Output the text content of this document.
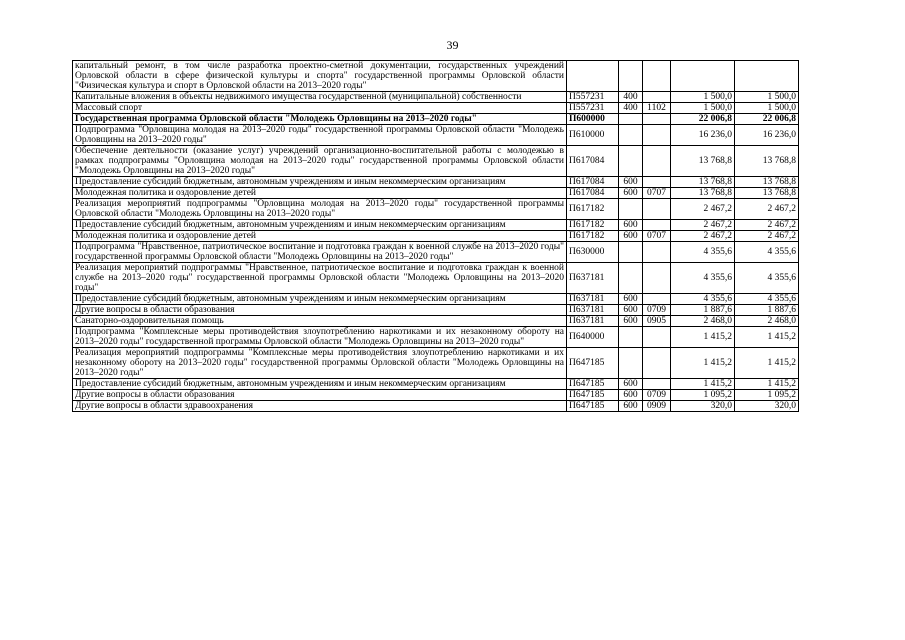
39
капитальный ремонт, в том числе разработка проектно-сметной документации, государственных учреждений Орловской области в сфере физической культуры и спорта" государственной программы Орловской области "Физическая культура и спорт в Орловской области на 2013–2020 годы"					
Капитальные вложения в объекты недвижимого имущества государственной (муниципальной) собственности	П557231	400		1 500,0	1 500,0
Массовый спорт	П557231	400	1102	1 500,0	1 500,0
Государственная программа Орловской области "Молодежь Орловщины на 2013–2020 годы"	П600000			22 006,8	22 006,8
Подпрограмма "Орловщина молодая на 2013–2020 годы" государственной программы Орловской области "Молодежь Орловщины на 2013–2020 годы"	П610000			16 236,0	16 236,0
Обеспечение деятельности (оказание услуг) учреждений организационно-воспитательной работы с молодежью в рамках подпрограммы "Орловщина молодая на 2013–2020 годы" государственной программы Орловской области "Молодежь Орловщины на 2013–2020 годы"	П617084			13 768,8	13 768,8
Предоставление субсидий бюджетным, автономным учреждениям и иным некоммерческим организациям	П617084	600		13 768,8	13 768,8
Молодежная политика и оздоровление детей	П617084	600	0707	13 768,8	13 768,8
Реализация мероприятий подпрограммы "Орловщина молодая на 2013–2020 годы" государственной программы Орловской области "Молодежь Орловщины на 2013–2020 годы"	П617182			2 467,2	2 467,2
Предоставление субсидий бюджетным, автономным учреждениям и иным некоммерческим организациям	П617182	600		2 467,2	2 467,2
Молодежная политика и оздоровление детей	П617182	600	0707	2 467,2	2 467,2
Подпрограмма "Нравственное, патриотическое воспитание и подготовка граждан к военной службе на 2013–2020 годы" государственной программы Орловской области "Молодежь Орловщины на 2013–2020 годы"	П630000			4 355,6	4 355,6
Реализация мероприятий подпрограммы "Нравственное, патриотическое воспитание и подготовка граждан к военной службе на 2013–2020 годы" государственной программы Орловской области "Молодежь Орловщины на 2013–2020 годы"	П637181			4 355,6	4 355,6
Предоставление субсидий бюджетным, автономным учреждениям и иным некоммерческим организациям	П637181	600		4 355,6	4 355,6
Другие вопросы в области образования	П637181	600	0709	1 887,6	1 887,6
Санаторно-оздоровительная помощь	П637181	600	0905	2 468,0	2 468,0
Подпрограмма "Комплексные меры противодействия злоупотреблению наркотиками и их незаконному обороту на 2013–2020 годы" государственной программы Орловской области "Молодежь Орловщины на 2013–2020 годы"	П640000			1 415,2	1 415,2
Реализация мероприятий подпрограммы "Комплексные меры противодействия злоупотреблению наркотиками и их незаконному обороту на 2013–2020 годы" государственной программы Орловской области "Молодежь Орловщины на 2013–2020 годы"	П647185			1 415,2	1 415,2
Предоставление субсидий бюджетным, автономным учреждениям и иным некоммерческим организациям	П647185	600		1 415,2	1 415,2
Другие вопросы в области образования	П647185	600	0709	1 095,2	1 095,2
Другие вопросы в области здравоохранения	П647185	600	0909	320,0	320,0
